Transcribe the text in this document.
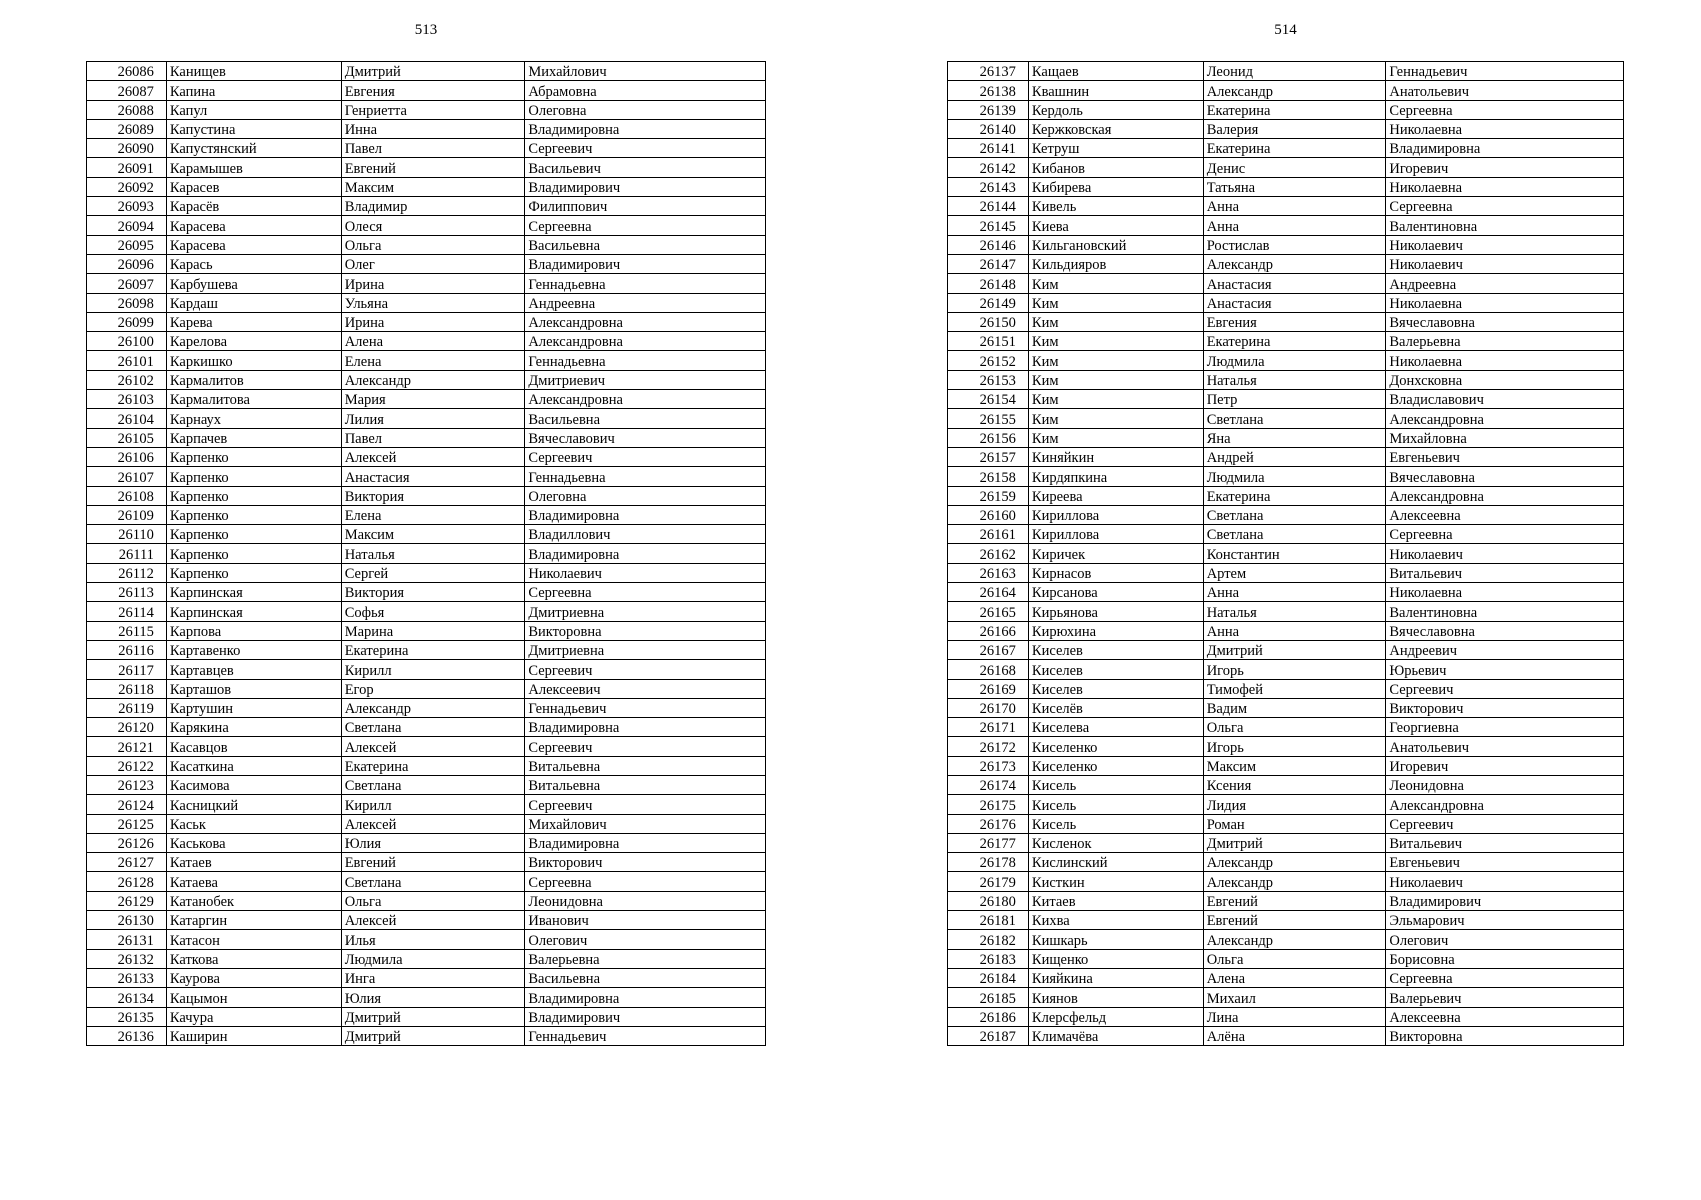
513
26086	Канищев	Дмитрий	Михайлович
26087	Капина	Евгения	Абрамовна
26088	Капул	Генриетта	Олеговна
26089	Капустина	Инна	Владимировна
26090	Капустянский	Павел	Сергеевич
26091	Карамышев	Евгений	Васильевич
26092	Карасев	Максим	Владимирович
26093	Карасёв	Владимир	Филиппович
26094	Карасева	Олеся	Сергеевна
26095	Карасева	Ольга	Васильевна
26096	Карась	Олег	Владимирович
26097	Карбушева	Ирина	Геннадьевна
26098	Кардаш	Ульяна	Андреевна
26099	Карева	Ирина	Александровна
26100	Карелова	Алена	Александровна
26101	Каркишко	Елена	Геннадьевна
26102	Кармалитов	Александр	Дмитриевич
26103	Кармалитова	Мария	Александровна
26104	Карнаух	Лилия	Васильевна
26105	Карпачев	Павел	Вячеславович
26106	Карпенко	Алексей	Сергеевич
26107	Карпенко	Анастасия	Геннадьевна
26108	Карпенко	Виктория	Олеговна
26109	Карпенко	Елена	Владимировна
26110	Карпенко	Максим	Владиллович
26111	Карпенко	Наталья	Владимировна
26112	Карпенко	Сергей	Николаевич
26113	Карпинская	Виктория	Сергеевна
26114	Карпинская	Софья	Дмитриевна
26115	Карпова	Марина	Викторовна
26116	Картавенко	Екатерина	Дмитриевна
26117	Картавцев	Кирилл	Сергеевич
26118	Карташов	Егор	Алексеевич
26119	Картушин	Александр	Геннадьевич
26120	Карякина	Светлана	Владимировна
26121	Касавцов	Алексей	Сергеевич
26122	Касаткина	Екатерина	Витальевна
26123	Касимова	Светлана	Витальевна
26124	Касницкий	Кирилл	Сергеевич
26125	Каськ	Алексей	Михайлович
26126	Каськова	Юлия	Владимировна
26127	Катаев	Евгений	Викторович
26128	Катаева	Светлана	Сергеевна
26129	Катанобек	Ольга	Леонидовна
26130	Катаргин	Алексей	Иванович
26131	Катасон	Илья	Олегович
26132	Каткова	Людмила	Валерьевна
26133	Каурова	Инга	Васильевна
26134	Кацымон	Юлия	Владимировна
26135	Качура	Дмитрий	Владимирович
26136	Каширин	Дмитрий	Геннадьевич
514
26137	Кащаев	Леонид	Геннадьевич
26138	Квашнин	Александр	Анатольевич
26139	Кердоль	Екатерина	Сергеевна
26140	Кержковская	Валерия	Николаевна
26141	Кетруш	Екатерина	Владимировна
26142	Кибанов	Денис	Игоревич
26143	Кибирева	Татьяна	Николаевна
26144	Кивель	Анна	Сергеевна
26145	Киева	Анна	Валентиновна
26146	Кильгановский	Ростислав	Николаевич
26147	Кильдияров	Александр	Николаевич
26148	Ким	Анастасия	Андреевна
26149	Ким	Анастасия	Николаевна
26150	Ким	Евгения	Вячеславовна
26151	Ким	Екатерина	Валерьевна
26152	Ким	Людмила	Николаевна
26153	Ким	Наталья	Донхсковна
26154	Ким	Петр	Владиславович
26155	Ким	Светлана	Александровна
26156	Ким	Яна	Михайловна
26157	Киняйкин	Андрей	Евгеньевич
26158	Кирдяпкина	Людмила	Вячеславовна
26159	Киреева	Екатерина	Александровна
26160	Кириллова	Светлана	Алексеевна
26161	Кириллова	Светлана	Сергеевна
26162	Киричек	Константин	Николаевич
26163	Кирнасов	Артем	Витальевич
26164	Кирсанова	Анна	Николаевна
26165	Кирьянова	Наталья	Валентиновна
26166	Кирюхина	Анна	Вячеславовна
26167	Киселев	Дмитрий	Андреевич
26168	Киселев	Игорь	Юрьевич
26169	Киселев	Тимофей	Сергеевич
26170	Киселёв	Вадим	Викторович
26171	Киселева	Ольга	Георгиевна
26172	Киселенко	Игорь	Анатольевич
26173	Киселенко	Максим	Игоревич
26174	Кисель	Ксения	Леонидовна
26175	Кисель	Лидия	Александровна
26176	Кисель	Роман	Сергеевич
26177	Кисленок	Дмитрий	Витальевич
26178	Кислинский	Александр	Евгеньевич
26179	Кисткин	Александр	Николаевич
26180	Китаев	Евгений	Владимирович
26181	Кихва	Евгений	Эльмарович
26182	Кишкарь	Александр	Олегович
26183	Кищенко	Ольга	Борисовна
26184	Кияйкина	Алена	Сергеевна
26185	Киянов	Михаил	Валерьевич
26186	Клерсфельд	Лина	Алексеевна
26187	Климачёва	Алёна	Викторовна
